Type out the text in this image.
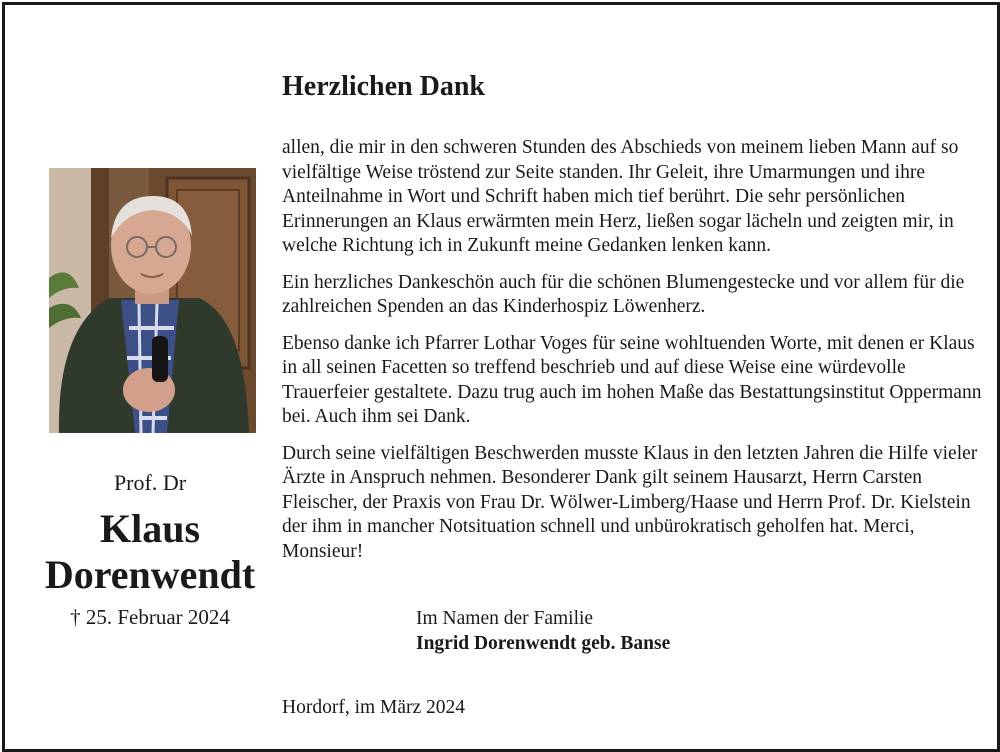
Prof. Dr
Klaus
Dorenwendt
† 25. Februar 2024
Herzlichen Dank

allen, die mir in den schweren Stunden des Abschieds von meinem lieben Mann auf so vielfältige Weise tröstend zur Seite standen. Ihr Geleit, ihre Umarmungen und ihre Anteilnahme in Wort und Schrift haben mich tief berührt. Die sehr persönlichen Erinnerungen an Klaus erwärmten mein Herz, ließen sogar lächeln und zeigten mir, in welche Richtung ich in Zukunft meine Gedanken lenken kann.

Ein herzliches Dankeschön auch für die schönen Blumengestecke und vor allem für die zahlreichen Spenden an das Kinderhospiz Löwenherz.

Ebenso danke ich Pfarrer Lothar Voges für seine wohltuenden Worte, mit denen er Klaus in all seinen Facetten so treffend beschrieb und auf diese Weise eine würdevolle Trauerfeier gestaltete. Dazu trug auch im hohen Maße das Bestattungsinstitut Oppermann bei. Auch ihm sei Dank.

Durch seine vielfältigen Beschwerden musste Klaus in den letzten Jahren die Hilfe vieler Ärzte in Anspruch nehmen. Besonderer Dank gilt seinem Hausarzt, Herrn Carsten Fleischer, der Praxis von Frau Dr. Wölwer-Limberg/Haase und Herrn Prof. Dr. Kielstein der ihm in mancher Notsituation schnell und unbürokratisch geholfen hat. Merci, Monsieur!

Im Namen der Familie
Ingrid Dorenwendt geb. Banse
Hordorf, im März 2024
